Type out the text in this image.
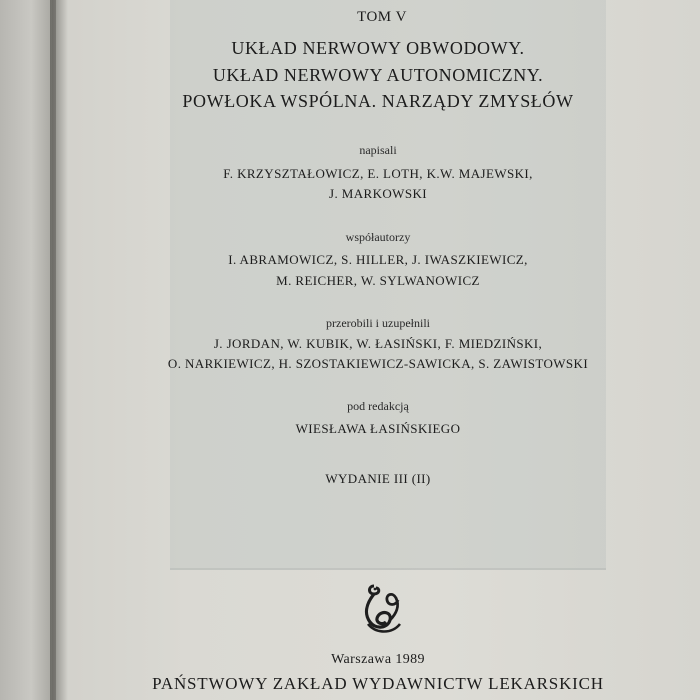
TOM V

UKŁAD NERWOWY OBWODOWY.

UKŁAD NERWOWY AUTONOMICZNY.

POWŁOKA WSPÓLNA. NARZĄDY ZMYSŁÓW

napisali

F. KRZYSZTAŁOWICZ, E. LOTH, K.W. MAJEWSKI,

J. MARKOWSKI

współautorzy

I. ABRAMOWICZ, S. HILLER, J. IWASZKIEWICZ,

M. REICHER, W. SYLWANOWICZ

przerobili i uzupełnili

J. JORDAN, W. KUBIK, W. ŁASIŃSKI, F. MIEDZIŃSKI,

O. NARKIEWICZ, H. SZOSTAKIEWICZ-SAWICKA, S. ZAWISTOWSKI

pod redakcją

WIESŁAWA ŁASIŃSKIEGO

WYDANIE III (II)

Warszawa 1989

PAŃSTWOWY ZAKŁAD WYDAWNICTW LEKARSKICH
